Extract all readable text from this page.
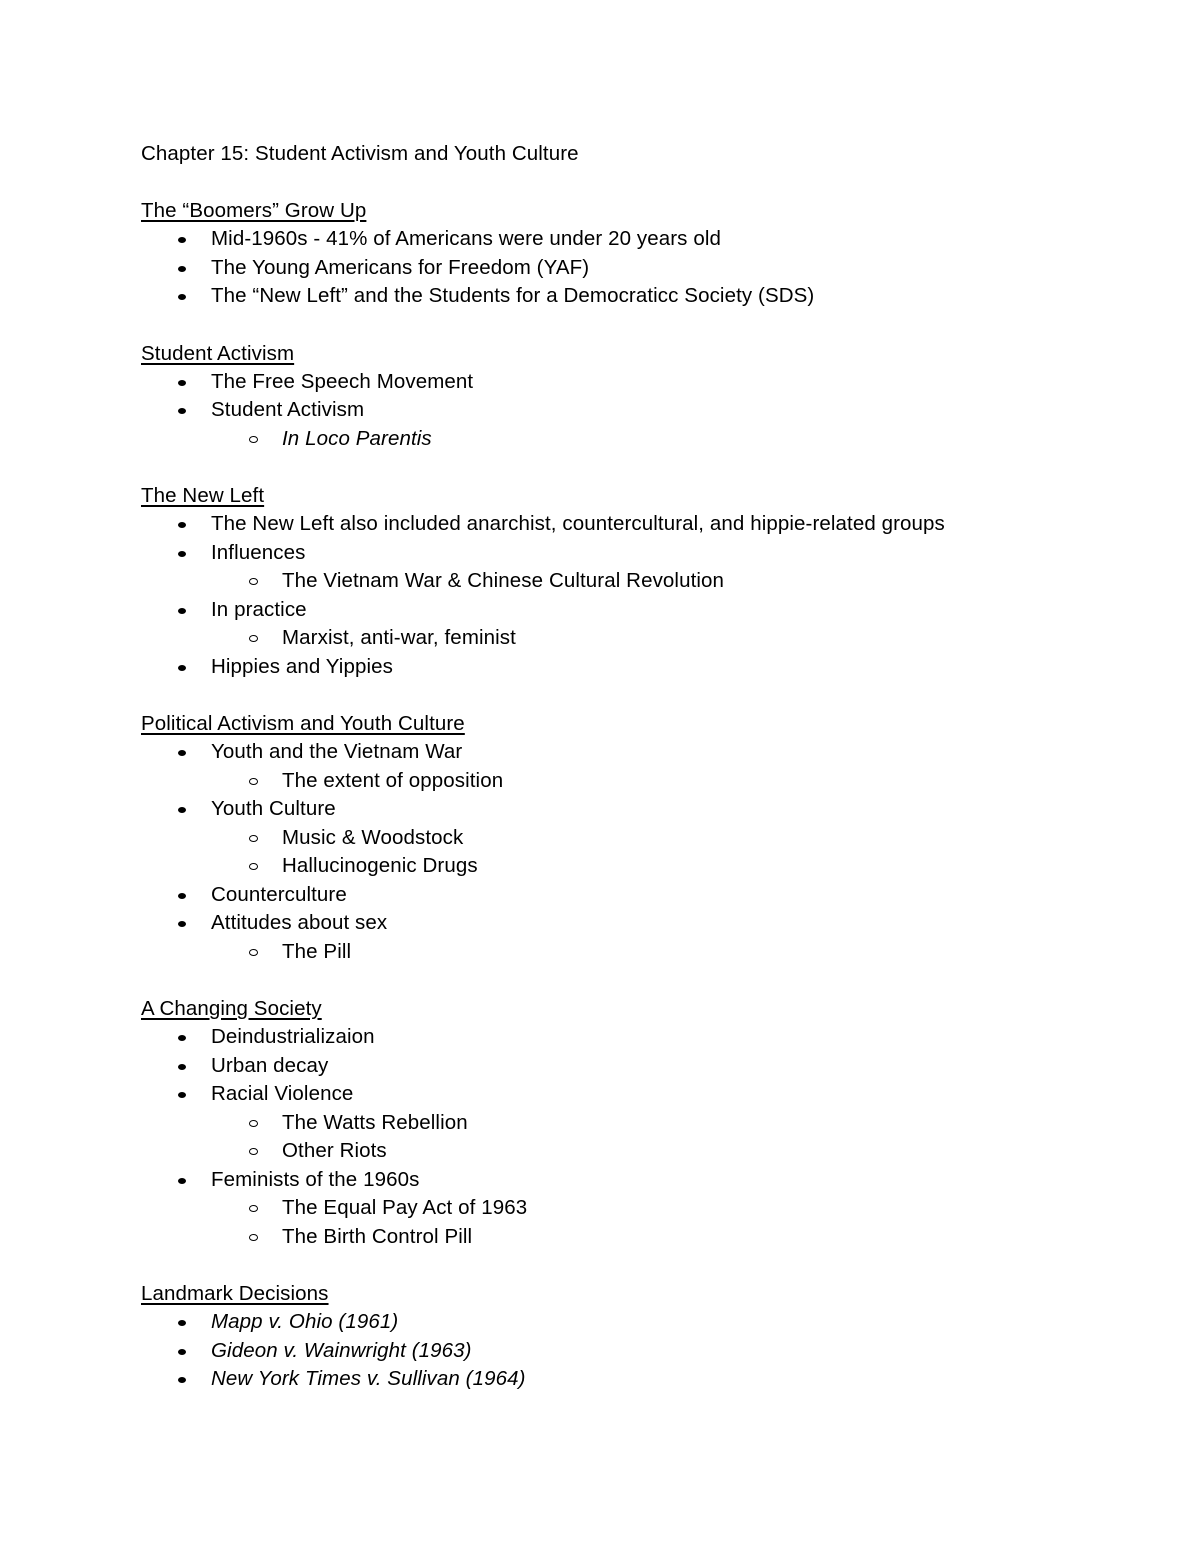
Chapter 15: Student Activism and Youth Culture
The “Boomers” Grow Up
Mid-1960s - 41% of Americans were under 20 years old
The Young Americans for Freedom (YAF)
The “New Left” and the Students for a Democraticc Society (SDS)
Student Activism
The Free Speech Movement
Student Activism
In Loco Parentis
The New Left
The New Left also included anarchist, countercultural, and hippie-related groups
Influences
The Vietnam War & Chinese Cultural Revolution
In practice
Marxist, anti-war, feminist
Hippies and Yippies
Political Activism and Youth Culture
Youth and the Vietnam War
The extent of opposition
Youth Culture
Music & Woodstock
Hallucinogenic Drugs
Counterculture
Attitudes about sex
The Pill
A Changing Society
Deindustrializaion
Urban decay
Racial Violence
The Watts Rebellion
Other Riots
Feminists of the 1960s
The Equal Pay Act of 1963
The Birth Control Pill
Landmark Decisions
Mapp v. Ohio (1961)
Gideon v. Wainwright (1963)
New York Times v. Sullivan (1964)
